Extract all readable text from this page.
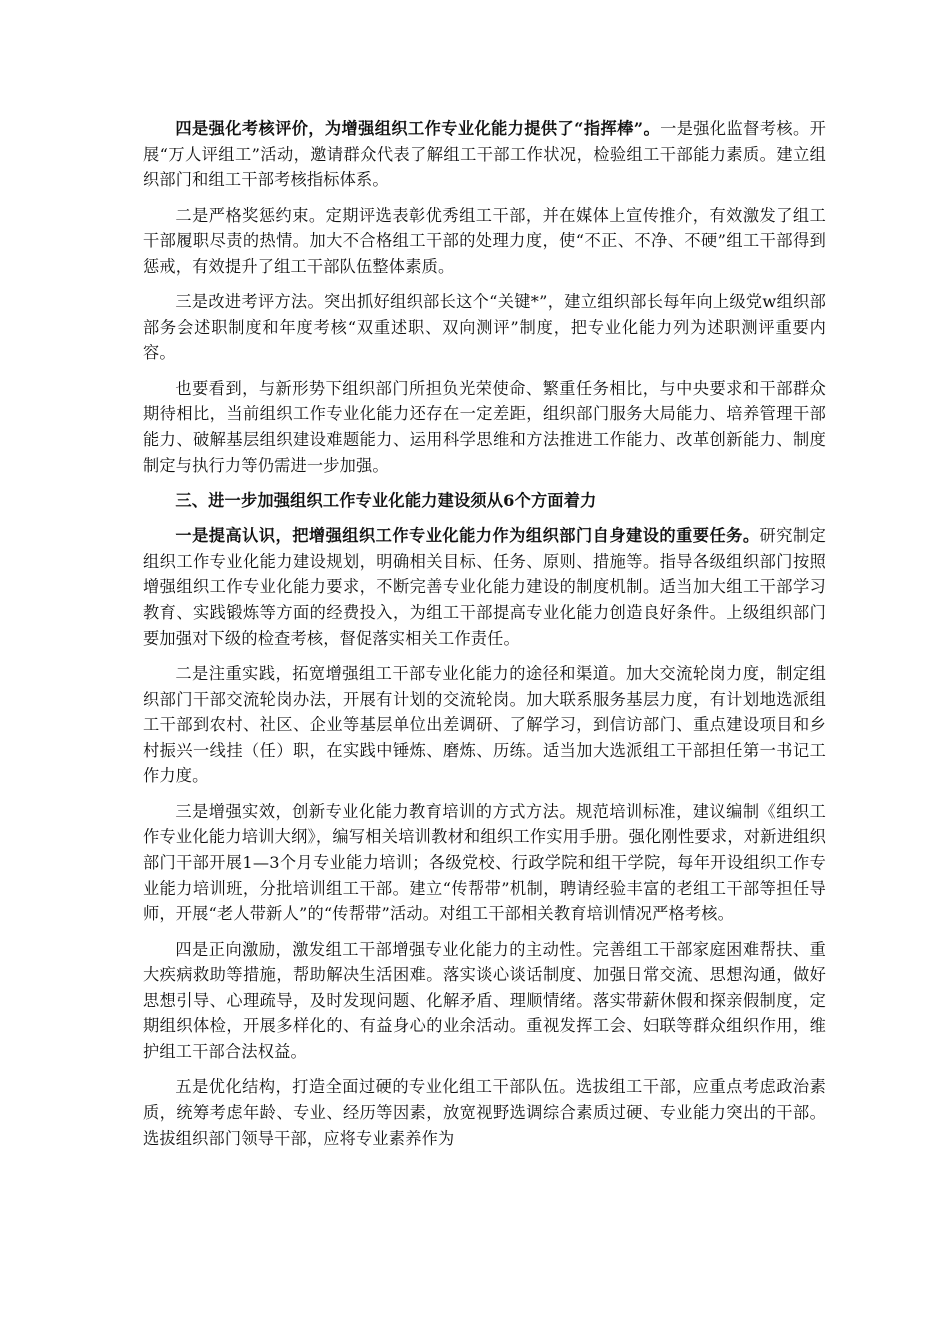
四是强化考核评价，为增强组织工作专业化能力提供了“指挥棒”。一是强化监督考核。开展“万人评组工”活动，邀请群众代表了解组工干部工作状况，检验组工干部能力素质。建立组织部门和组工干部考核指标体系。

二是严格奖惩约束。定期评选表彰优秀组工干部，并在媒体上宣传推介，有效激发了组工干部履职尽责的热情。加大不合格组工干部的处理力度，使“不正、不净、不硬”组工干部得到惩戒，有效提升了组工干部队伍整体素质。

三是改进考评方法。突出抓好组织部长这个“关键*”，建立组织部长每年向上级党w组织部部务会述职制度和年度考核“双重述职、双向测评”制度，把专业化能力列为述职测评重要内容。

也要看到，与新形势下组织部门所担负光荣使命、繁重任务相比，与中央要求和干部群众期待相比，当前组织工作专业化能力还存在一定差距，组织部门服务大局能力、培养管理干部能力、破解基层组织建设难题能力、运用科学思维和方法推进工作能力、改革创新能力、制度制定与执行力等仍需进一步加强。

三、进一步加强组织工作专业化能力建设须从6个方面着力

一是提高认识，把增强组织工作专业化能力作为组织部门自身建设的重要任务。研究制定组织工作专业化能力建设规划，明确相关目标、任务、原则、措施等。指导各级组织部门按照增强组织工作专业化能力要求，不断完善专业化能力建设的制度机制。适当加大组工干部学习教育、实践锻炼等方面的经费投入，为组工干部提高专业化能力创造良好条件。上级组织部门要加强对下级的检查考核，督促落实相关工作责任。

二是注重实践，拓宽增强组工干部专业化能力的途径和渠道。加大交流轮岗力度，制定组织部门干部交流轮岗办法，开展有计划的交流轮岗。加大联系服务基层力度，有计划地选派组工干部到农村、社区、企业等基层单位出差调研、了解学习，到信访部门、重点建设项目和乡村振兴一线挂（任）职，在实践中锤炼、磨炼、历练。适当加大选派组工干部担任第一书记工作力度。

三是增强实效，创新专业化能力教育培训的方式方法。规范培训标准，建议编制《组织工作专业化能力培训大纲》，编写相关培训教材和组织工作实用手册。强化刚性要求，对新进组织部门干部开展1—3个月专业能力培训；各级党校、行政学院和组干学院，每年开设组织工作专业能力培训班，分批培训组工干部。建立“传帮带”机制，聘请经验丰富的老组工干部等担任导师，开展“老人带新人”的“传帮带”活动。对组工干部相关教育培训情况严格考核。

四是正向激励，激发组工干部增强专业化能力的主动性。完善组工干部家庭困难帮扶、重大疾病救助等措施，帮助解决生活困难。落实谈心谈话制度、加强日常交流、思想沟通，做好思想引导、心理疏导，及时发现问题、化解矛盾、理顺情绪。落实带薪休假和探亲假制度，定期组织体检，开展多样化的、有益身心的业余活动。重视发挥工会、妇联等群众组织作用，维护组工干部合法权益。

五是优化结构，打造全面过硬的专业化组工干部队伍。选拔组工干部，应重点考虑政治素质，统筹考虑年龄、专业、经历等因素，放宽视野选调综合素质过硬、专业能力突出的干部。选拔组织部门领导干部，应将专业素养作为
